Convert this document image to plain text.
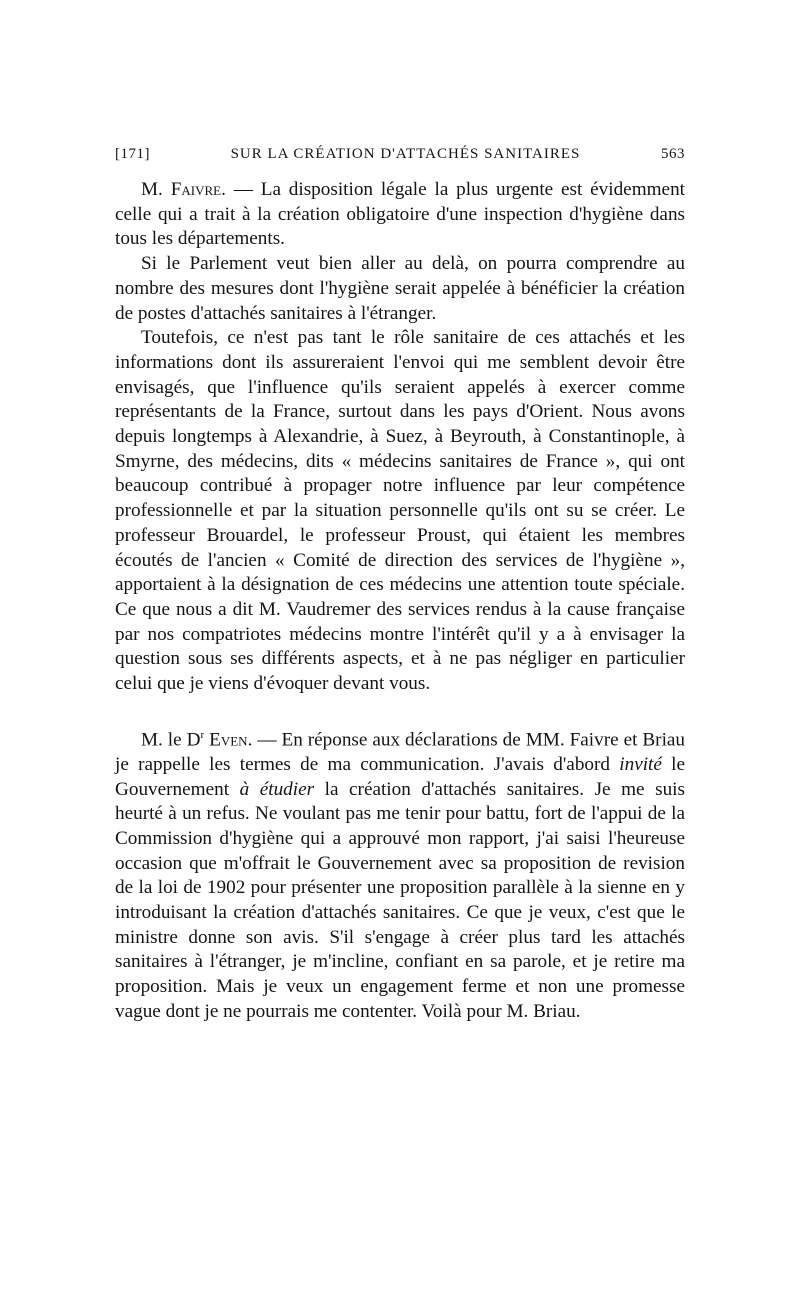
[171]	SUR LA CRÉATION D'ATTACHÉS SANITAIRES	563

M. Faivre. — La disposition légale la plus urgente est évidemment celle qui a trait à la création obligatoire d'une inspection d'hygiène dans tous les départements.

Si le Parlement veut bien aller au delà, on pourra comprendre au nombre des mesures dont l'hygiène serait appelée à bénéficier la création de postes d'attachés sanitaires à l'étranger.

Toutefois, ce n'est pas tant le rôle sanitaire de ces attachés et les informations dont ils assureraient l'envoi qui me semblent devoir être envisagés, que l'influence qu'ils seraient appelés à exercer comme représentants de la France, surtout dans les pays d'Orient. Nous avons depuis longtemps à Alexandrie, à Suez, à Beyrouth, à Constantinople, à Smyrne, des médecins, dits « médecins sanitaires de France », qui ont beaucoup contribué à propager notre influence par leur compétence professionnelle et par la situation personnelle qu'ils ont su se créer. Le professeur Brouardel, le professeur Proust, qui étaient les membres écoutés de l'ancien « Comité de direction des services de l'hygiène », apportaient à la désignation de ces médecins une attention toute spéciale. Ce que nous a dit M. Vaudremer des services rendus à la cause française par nos compatriotes médecins montre l'intérêt qu'il y a à envisager la question sous ses différents aspects, et à ne pas négliger en particulier celui que je viens d'évoquer devant vous.

M. le $D^r$ Even. — En réponse aux déclarations de MM. Faivre et Briau je rappelle les termes de ma communication. J'avais d'abord invité le Gouvernement à étudier la création d'attachés sanitaires. Je me suis heurté à un refus. Ne voulant pas me tenir pour battu, fort de l'appui de la Commission d'hygiène qui a approuvé mon rapport, j'ai saisi l'heureuse occasion que m'offrait le Gouvernement avec sa proposition de revision de la loi de 1902 pour présenter une proposition parallèle à la sienne en y introduisant la création d'attachés sanitaires. Ce que je veux, c'est que le ministre donne son avis. S'il s'engage à créer plus tard les attachés sanitaires à l'étranger, je m'incline, confiant en sa parole, et je retire ma proposition. Mais je veux un engagement ferme et non une promesse vague dont je ne pourrais me contenter. Voilà pour M. Briau.
